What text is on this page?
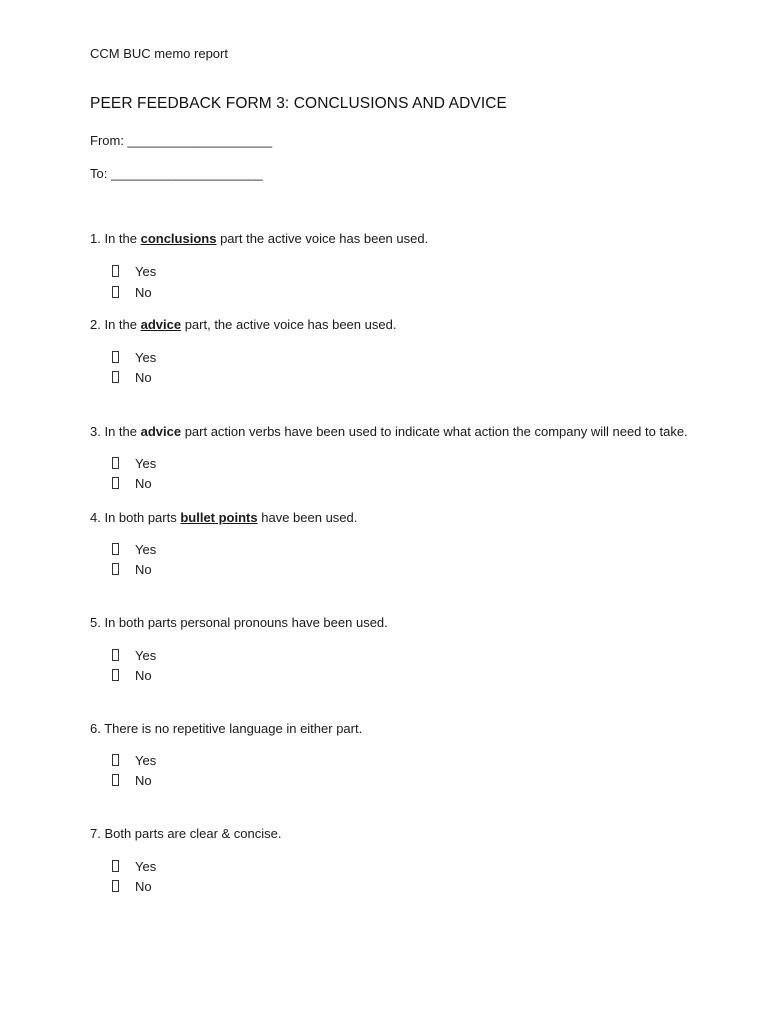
CCM BUC memo report
PEER FEEDBACK FORM 3: CONCLUSIONS AND ADVICE
From: ____________________
To: _____________________
1. In the conclusions part the active voice has been used.
Yes
No
2. In the advice part, the active voice has been used.
Yes
No
3. In the advice part action verbs have been used to indicate what action the company will need to take.
Yes
No
4. In both parts bullet points have been used.
Yes
No
5. In both parts personal pronouns have been used.
Yes
No
6. There is no repetitive language in either part.
Yes
No
7. Both parts are clear & concise.
Yes
No
